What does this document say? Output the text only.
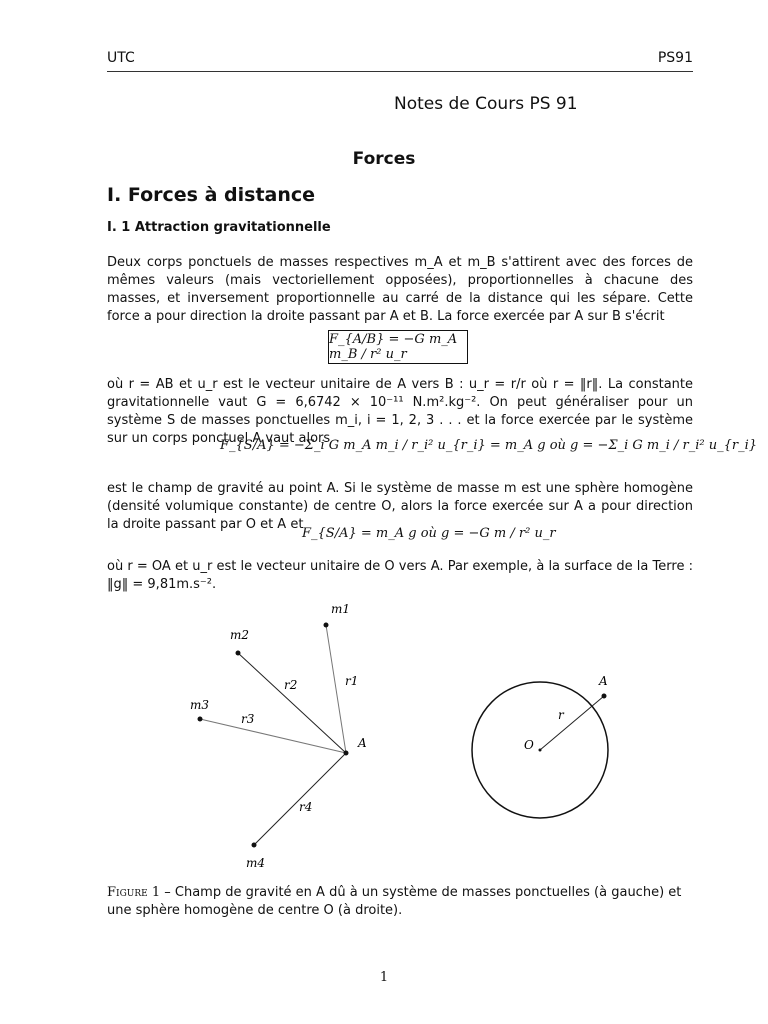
UTC	PS91
Notes de Cours PS 91
Forces
I. Forces à distance
I. 1 Attraction gravitationnelle

Deux corps ponctuels de masses respectives m_A et m_B s'attirent avec des forces de mêmes valeurs (mais vectoriellement opposées), proportionnelles à chacune des masses, et inversement proportionnelle au carré de la distance qui les sépare. Cette force a pour direction la droite passant par A et B. La force exercée par A sur B s'écrit

F_{A/B} = −G m_A m_B / r² u_r

où r = AB et u_r est le vecteur unitaire de A vers B : u_r = r/r où r = ‖r‖. La constante gravitationnelle vaut G = 6,6742 × 10⁻¹¹ N.m².kg⁻². On peut généraliser pour un système S de masses ponctuelles m_i, i = 1, 2, 3 . . . et la force exercée par le système sur un corps ponctuel A vaut alors

F_{S/A} = −Σ_i G m_A m_i / r_i² u_{r_i} = m_A g où g = −Σ_i G m_i / r_i² u_{r_i}

est le champ de gravité au point A. Si le système de masse m est une sphère homogène (densité volumique constante) de centre O, alors la force exercée sur A a pour direction la droite passant par O et A et

F_{S/A} = m_A g où g = −G m / r² u_r

où r = OA et u_r est le vecteur unitaire de O vers A. Par exemple, à la surface de la Terre : ‖g‖ = 9,81m.s⁻².

m1
m2
m3
m4
r1
r2
r3
r4
A
A
r
O
Figure 1 – Champ de gravité en A dû à un système de masses ponctuelles (à gauche) et une sphère homogène de centre O (à droite).
1
